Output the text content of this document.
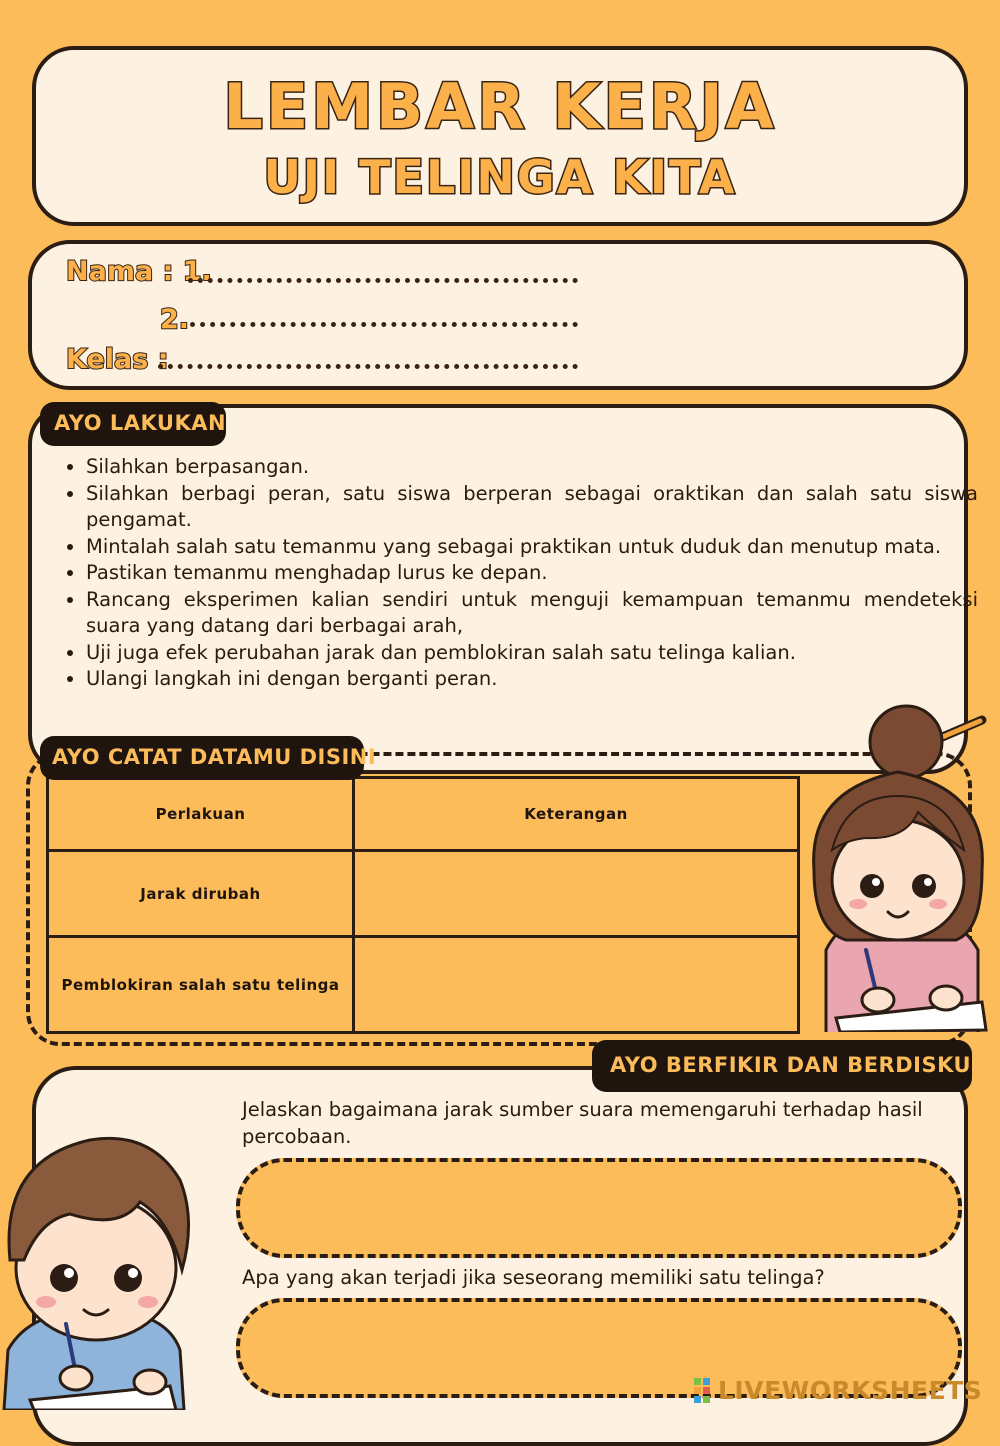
LEMBAR KERJA
UJI TELINGA KITA
Nama : 1.
2.
Kelas :
AYO LAKUKAN
• Silahkan berpasangan.
• Silahkan berbagi peran, satu siswa berperan sebagai oraktikan dan salah satu siswa pengamat.
• Mintalah salah satu temanmu yang sebagai praktikan untuk duduk dan menutup mata.
• Pastikan temanmu menghadap lurus ke depan.
• Rancang eksperimen kalian sendiri untuk menguji kemampuan temanmu mendeteksi suara yang datang dari berbagai arah,
• Uji juga efek perubahan jarak dan pemblokiran salah satu telinga kalian.
• Ulangi langkah ini dengan berganti peran.
Perlakuan	Keterangan
Jarak dirubah	
Pemblokiran salah satu telinga	
AYO CATAT DATAMU DISINI
AYO BERFIKIR DAN BERDISKUSI
Jelaskan bagaimana jarak sumber suara memengaruhi terhadap hasil percobaan.
Apa yang akan terjadi jika seseorang memiliki satu telinga?
LIVEWORKSHEETS
